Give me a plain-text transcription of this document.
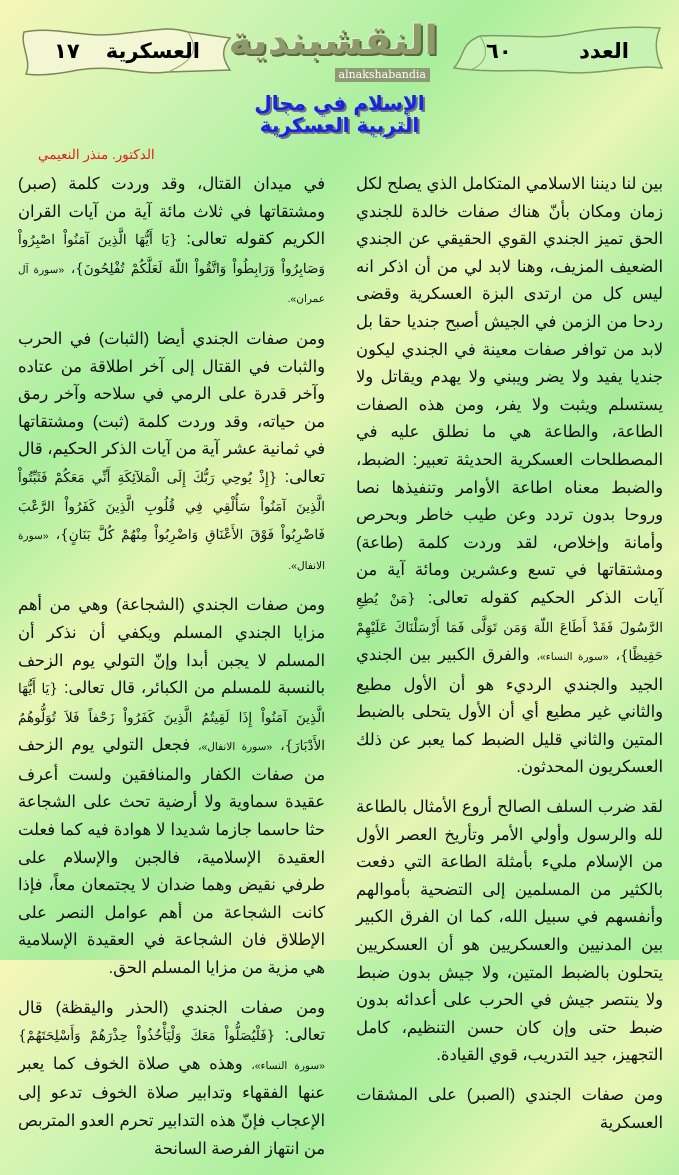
العسكرية
١٧	النقشبندية
alnakshabandia
العدد
٦٠
الإسلام في مجال
التربية العسكرية
الدكتور. منذر النعيمي

بين لنا ديننا الاسلامي المتكامل الذي يصلح لكل زمان ومكان بأنّ هناك صفات خالدة للجندي الحق تميز الجندي القوي الحقيقي عن الجندي الضعيف المزيف، وهنا لابد لي من أن اذكر انه ليس كل من ارتدى البزة العسكرية وقضى ردحا من الزمن في الجيش أصبح جنديا حقا بل لابد من توافر صفات معينة في الجندي ليكون جنديا يفيد ولا يضر ويبني ولا يهدم ويقاتل ولا يستسلم ويثبت ولا يفر، ومن هذه الصفات الطاعة، والطاعة هي ما نطلق عليه في المصطلحات العسكرية الحديثة تعبير: الضبط، والضبط معناه اطاعة الأوامر وتنفيذها نصا وروحا بدون تردد وعن طيب خاطر وبحرص وأمانة وإخلاص، لقد وردت كلمة (طاعة) ومشتقاتها في تسع وعشرين ومائة آية من آيات الذكر الحكيم كقوله تعالى: {مَنْ يُطِعِ الرَّسُولَ فَقَدْ أَطَاعَ اللّهَ وَمَن تَوَلَّى فَمَا أَرْسَلْنَاكَ عَلَيْهِمْ حَفِيظًا}، «سورة النساء»، والفرق الكبير بين الجندي الجيد والجندي الرديء هو أن الأول مطيع والثاني غير مطيع أي أن الأول يتحلى بالضبط المتين والثاني قليل الضبط كما يعبر عن ذلك العسكريون المحدثون.

لقد ضرب السلف الصالح أروع الأمثال بالطاعة لله والرسول وأولي الأمر وتأريخ العصر الأول من الإسلام مليء بأمثلة الطاعة التي دفعت بالكثير من المسلمين إلى التضحية بأموالهم وأنفسهم في سبيل الله، كما ان الفرق الكبير بين المدنيين والعسكريين هو أن العسكريين يتحلون بالضبط المتين، ولا جيش بدون ضبط ولا ينتصر جيش في الحرب على أعدائه بدون ضبط حتى وإن كان حسن التنظيم، كامل التجهيز، جيد التدريب، قوي القيادة.

ومن صفات الجندي (الصبر) على المشقات العسكرية

في ميدان القتال، وقد وردت كلمة (صبر) ومشتقاتها في ثلاث مائة آية من آيات القران الكريم كقوله تعالى: {يَا أَيُّهَا الَّذِينَ آمَنُواْ اصْبِرُواْ وَصَابِرُواْ وَرَابِطُواْ وَاتَّقُواْ اللّهَ لَعَلَّكُمْ تُفْلِحُونَ}، «سورة آل عمران».

ومن صفات الجندي أيضا (الثبات) في الحرب والثبات في القتال إلى آخر اطلاقة من عتاده وآخر قدرة على الرمي في سلاحه وآخر رمق من حياته، وقد وردت كلمة (ثبت) ومشتقاتها في ثمانية عشر آية من آيات الذكر الحكيم، قال تعالى: {إِذْ يُوحِي رَبُّكَ إِلَى الْمَلآئِكَةِ أَنِّي مَعَكُمْ فَثَبِّتُواْ الَّذِينَ آمَنُواْ سَأُلْقِي فِي قُلُوبِ الَّذِينَ كَفَرُواْ الرَّعْبَ فَاضْرِبُواْ فَوْقَ الأَعْنَاقِ وَاضْرِبُواْ مِنْهُمْ كُلَّ بَنَانٍ}، «سورة الانفال».

ومن صفات الجندي (الشجاعة) وهي من أهم مزايا الجندي المسلم ويكفي أن نذكر أن المسلم لا يجبن أبدا وإنّ التولي يوم الزحف بالنسبة للمسلم من الكبائر، قال تعالى: {يَا أَيُّهَا الَّذِينَ آمَنُواْ إِذَا لَقِيتُمُ الَّذِينَ كَفَرُواْ زَحْفاً فَلاَ تُوَلُّوهُمُ الأَدْبَارَ}، «سورة الانفال»، فجعل التولي يوم الزحف من صفات الكفار والمنافقين ولست أعرف عقيدة سماوية ولا أرضية تحث على الشجاعة حثا حاسما جازما شديدا لا هوادة فيه كما فعلت العقيدة الإسلامية، فالجبن والإسلام على طرفي نقيض وهما ضدان لا يجتمعان معاً، فإذا كانت الشجاعة من أهم عوامل النصر على الإطلاق فان الشجاعة في العقيدة الإسلامية هي مزية من مزايا المسلم الحق.

ومن صفات الجندي (الحذر واليقظة) قال تعالى: {فَلْيُصَلُّواْ مَعَكَ وَلْيَأْخُذُواْ حِذْرَهُمْ وَأَسْلِحَتَهُمْ} «سورة النساء»، وهذه هي صلاة الخوف كما يعبر عنها الفقهاء وتدابير صلاة الخوف تدعو إلى الإعجاب فإنّ هذه التدابير تحرم العدو المتربص من انتهاز الفرصة السانحة
